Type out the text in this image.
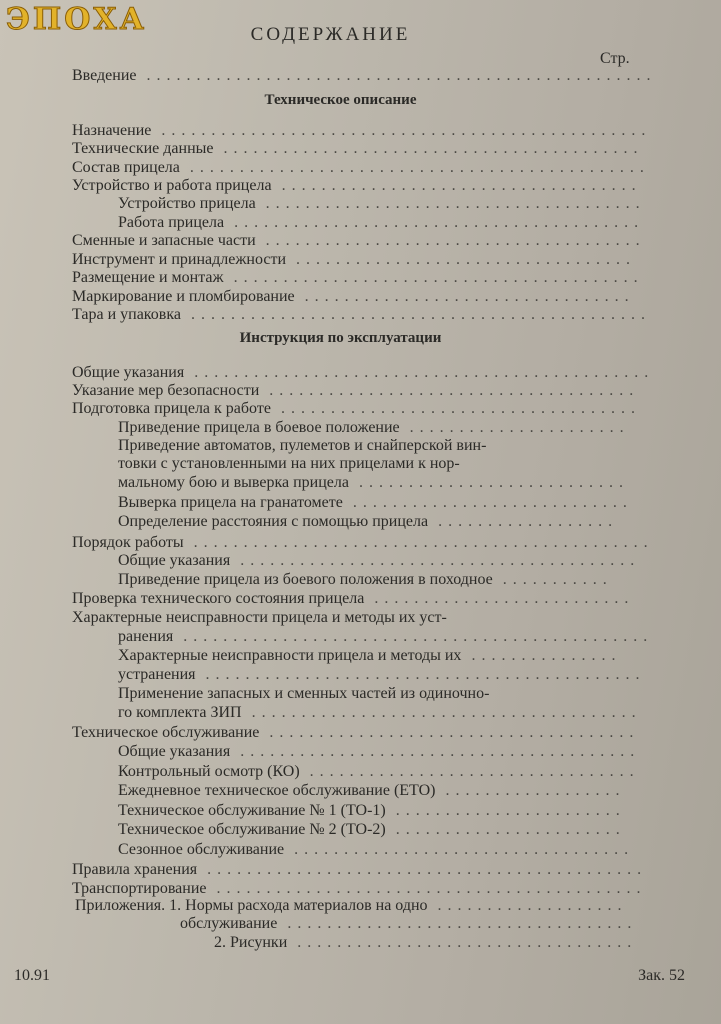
ЭПОХА	СОДЕРЖАНИЕ
Стр.
Техническое описание
Инструкция по эксплуатации
Введение ...................................................
Назначение .................................................
Технические данные ..........................................
Состав прицела ..............................................
Устройство и работа прицела ....................................
Устройство прицела ......................................
Работа прицела .........................................
Сменные и запасные части ......................................
Инструмент и принадлежности ..................................
Размещение и монтаж .........................................
Маркирование и пломбирование .................................
Тара и упаковка ..............................................
Общие указания ..............................................
Указание мер безопасности .....................................
Подготовка прицела к работе ....................................
Приведение прицела в боевое положение ......................
Приведение автоматов, пулеметов и снайперской вин-
товки с установленными на них прицелами к нор-
мальному бою и выверка прицела ...........................
Выверка прицела на гранатомете ............................
Определение расстояния с помощью прицела ..................
Порядок работы ..............................................
Общие указания ........................................
Приведение прицела из боевого положения в походное ...........
Проверка технического состояния прицела ..........................
Характерные неисправности прицела и методы их уст-
ранения ...............................................
Характерные неисправности прицела и методы их ...............
устранения ............................................
Применение запасных и сменных частей из одиночно-
го комплекта ЗИП .......................................
Техническое обслуживание .....................................
Общие указания ........................................
Контрольный осмотр (КО) .................................
Ежедневное техническое обслуживание (ЕТО) ..................
Техническое обслуживание № 1 (ТО-1) .......................
Техническое обслуживание № 2 (ТО-2) .......................
Сезонное обслуживание ..................................
Правила хранения ............................................
Транспортирование ...........................................
Приложения. 1. Нормы расхода материалов на одно ...................
обслуживание ...................................
2. Рисунки ..................................
10.91	Зак. 52
